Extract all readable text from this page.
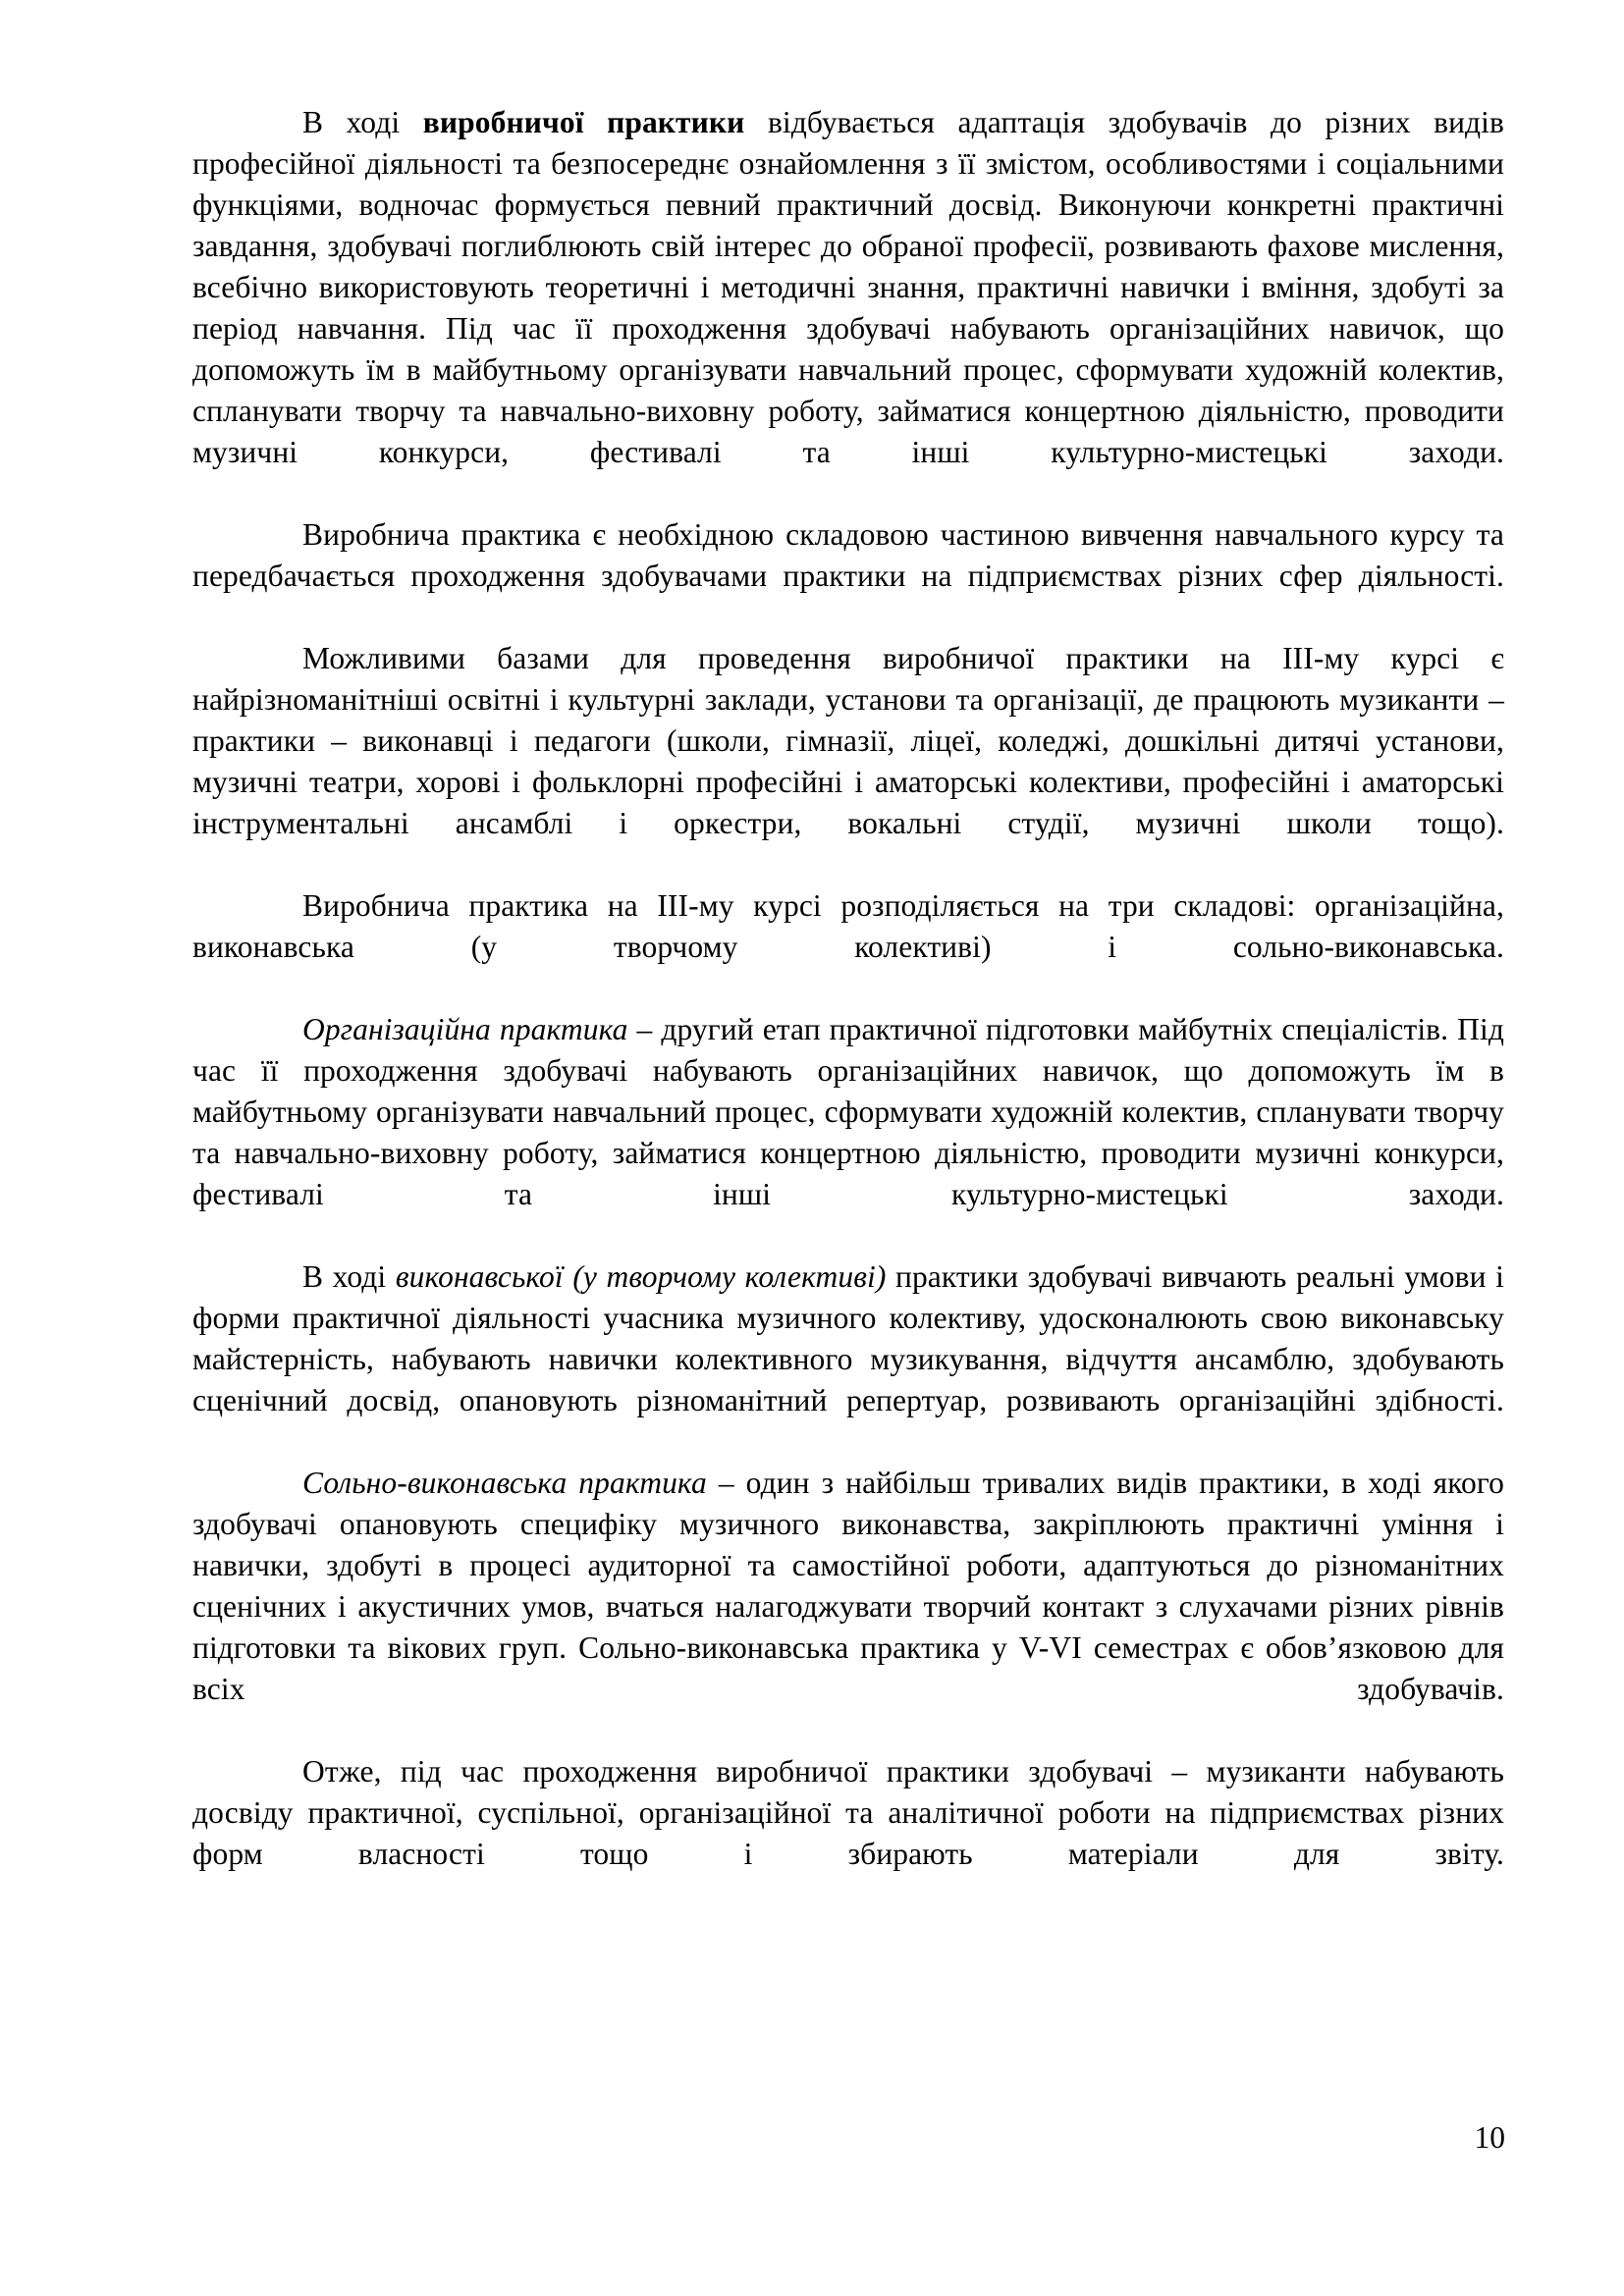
В ході виробничої практики відбувається адаптація здобувачів до різних видів професійної діяльності та безпосереднє ознайомлення з її змістом, особливостями і соціальними функціями, водночас формується певний практичний досвід. Виконуючи конкретні практичні завдання, здобувачі поглиблюють свій інтерес до обраної професії, розвивають фахове мислення, всебічно використовують теоретичні і методичні знання, практичні навички і вміння, здобуті за період навчання. Під час її проходження здобувачі набувають організаційних навичок, що допоможуть їм в майбутньому організувати навчальний процес, сформувати художній колектив, спланувати творчу та навчально-виховну роботу, займатися концертною діяльністю, проводити музичні конкурси, фестивалі та інші культурно-мистецькі заходи.

Виробнича практика є необхідною складовою частиною вивчення навчального курсу та передбачається проходження здобувачами практики на підприємствах різних сфер діяльності.

Можливими базами для проведення виробничої практики на III-му курсі є найрізноманітніші освітні і культурні заклади, установи та організації, де працюють музиканти – практики – виконавці і педагоги (школи, гімназії, ліцеї, коледжі, дошкільні дитячі установи, музичні театри, хорові і фольклорні професійні і аматорські колективи, професійні і аматорські інструментальні ансамблі і оркестри, вокальні студії, музичні школи тощо).

Виробнича практика на III-му курсі розподіляється на три складові: організаційна, виконавська (у творчому колективі) і сольно-виконавська.

Організаційна практика – другий етап практичної підготовки майбутніх спеціалістів. Під час її проходження здобувачі набувають організаційних навичок, що допоможуть їм в майбутньому організувати навчальний процес, сформувати художній колектив, спланувати творчу та навчально-виховну роботу, займатися концертною діяльністю, проводити музичні конкурси, фестивалі та інші культурно-мистецькі заходи.

В ході виконавської (у творчому колективі) практики здобувачі вивчають реальні умови і форми практичної діяльності учасника музичного колективу, удосконалюють свою виконавську майстерність, набувають навички колективного музикування, відчуття ансамблю, здобувають сценічний досвід, опановують різноманітний репертуар, розвивають організаційні здібності.

Сольно-виконавська практика – один з найбільш тривалих видів практики, в ході якого здобувачі опановують специфіку музичного виконавства, закріплюють практичні уміння і навички, здобуті в процесі аудиторної та самостійної роботи, адаптуються до різноманітних сценічних і акустичних умов, вчаться налагоджувати творчий контакт з слухачами різних рівнів підготовки та вікових груп. Сольно-виконавська практика у V-VI семестрах є обов’язковою для всіх здобувачів.

Отже, під час проходження виробничої практики здобувачі – музиканти набувають досвіду практичної, суспільної, організаційної та аналітичної роботи на підприємствах різних форм власності тощо і збирають матеріали для звіту.

10
